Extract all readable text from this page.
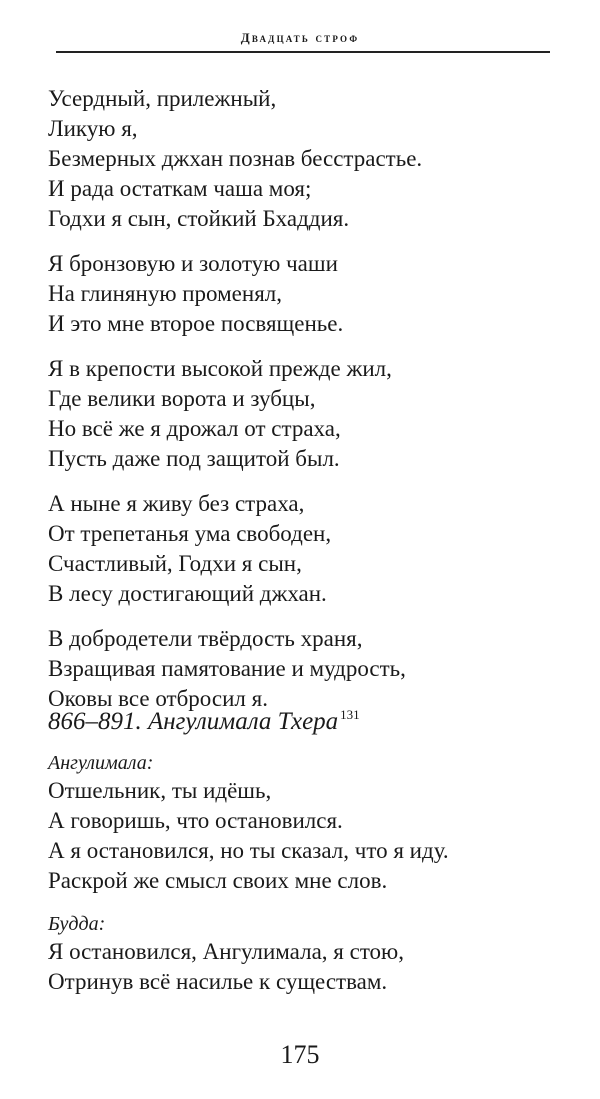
Двадцать строф
Усердный, прилежный,
Ликую я,
Безмерных джхан познав бесстрастье.
И рада остаткам чаша моя;
Годхи я сын, стойкий Бхаддия.
Я бронзовую и золотую чаши
На глиняную променял,
И это мне второе посвященье.
Я в крепости высокой прежде жил,
Где велики ворота и зубцы,
Но всё же я дрожал от страха,
Пусть даже под защитой был.
А ныне я живу без страха,
От трепетанья ума свободен,
Счастливый, Годхи я сын,
В лесу достигающий джхан.
В добродетели твёрдость храня,
Взращивая памятование и мудрость,
Оковы все отбросил я.
866–891. Ангулимала Тхера $^{131}$
Ангулимала:
Отшельник, ты идёшь,
А говоришь, что остановился.
А я остановился, но ты сказал, что я иду.
Раскрой же смысл своих мне слов.
Будда:
Я остановился, Ангулимала, я стою,
Отринув всё насилье к существам.
175
